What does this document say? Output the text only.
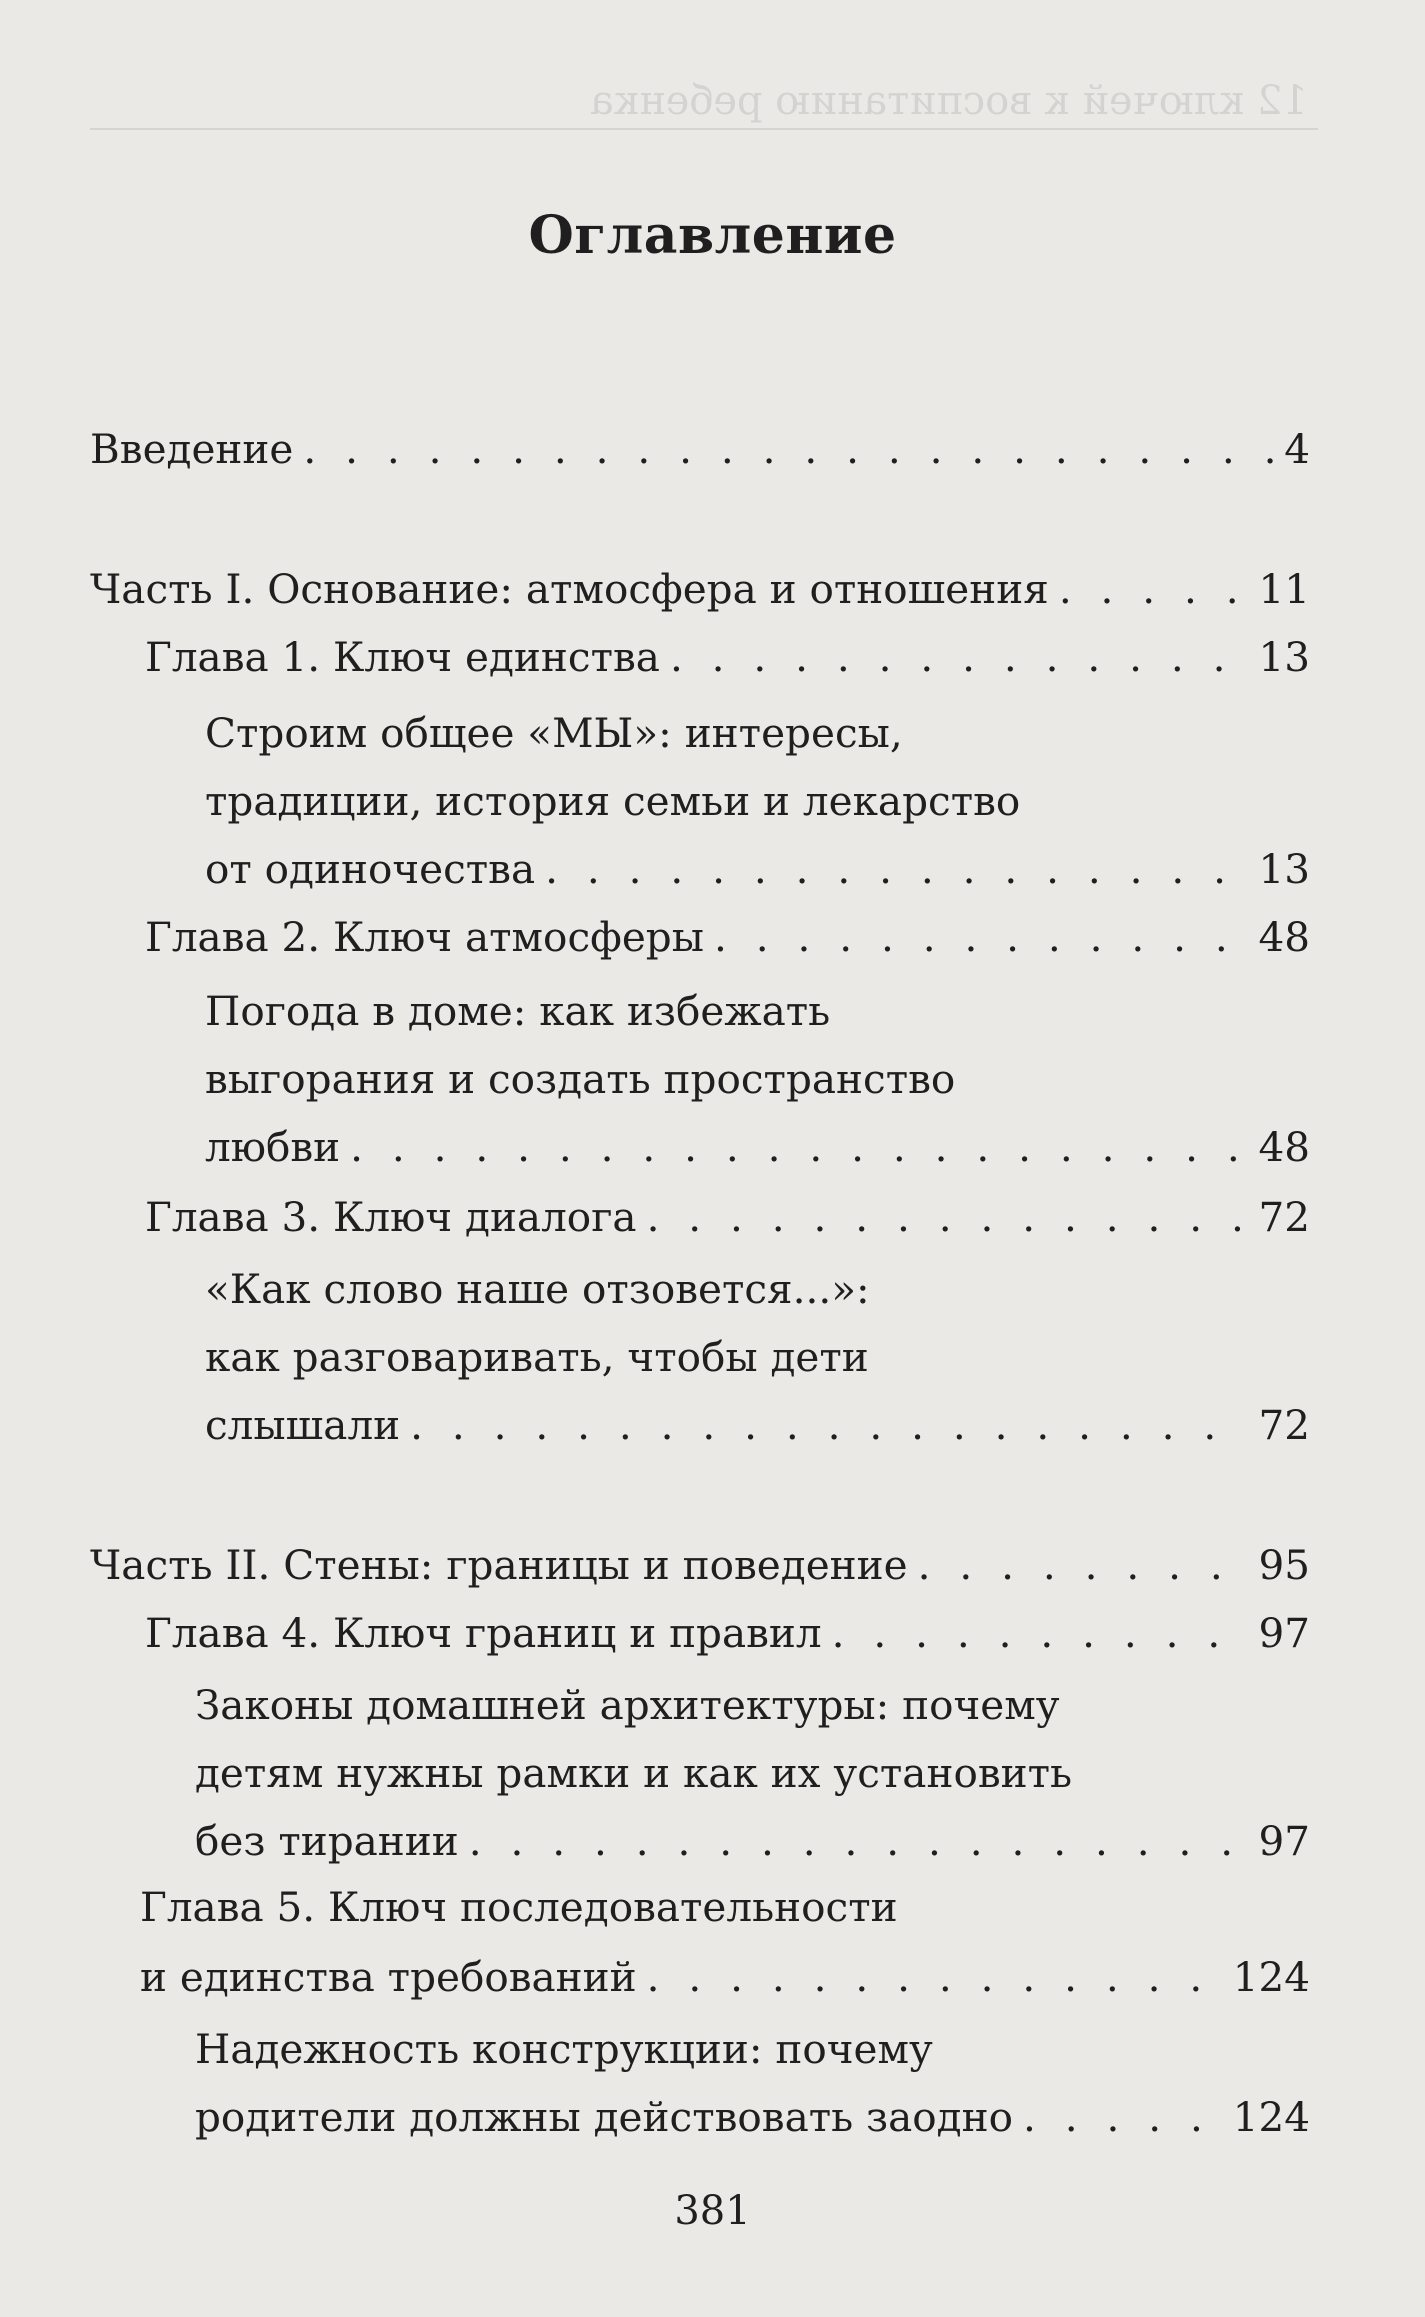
12 ключей к воспитанию ребенка
Оглавление
Введение . . .	4
Часть I. Основание: атмосфера и отношения . . .	11
Глава 1. Ключ единства . . .	13
Строим общее «МЫ»: интересы,
традиции, история семьи и лекарство
от одиночества . . .	13
Глава 2. Ключ атмосферы . . .	48
Погода в доме: как избежать
выгорания и создать пространство
любви . . .	48
Глава 3. Ключ диалога . . .	72
«Как слово наше отзовется...»:
как разговаривать, чтобы дети
слышали . . .	72
Часть II. Стены: границы и поведение . . .	95
Глава 4. Ключ границ и правил . . .	97
Законы домашней архитектуры: почему
детям нужны рамки и как их установить
без тирании . . .	97
Глава 5. Ключ последовательности
и единства требований . . .	124
Надежность конструкции: почему
родители должны действовать заодно . . .	124
381
